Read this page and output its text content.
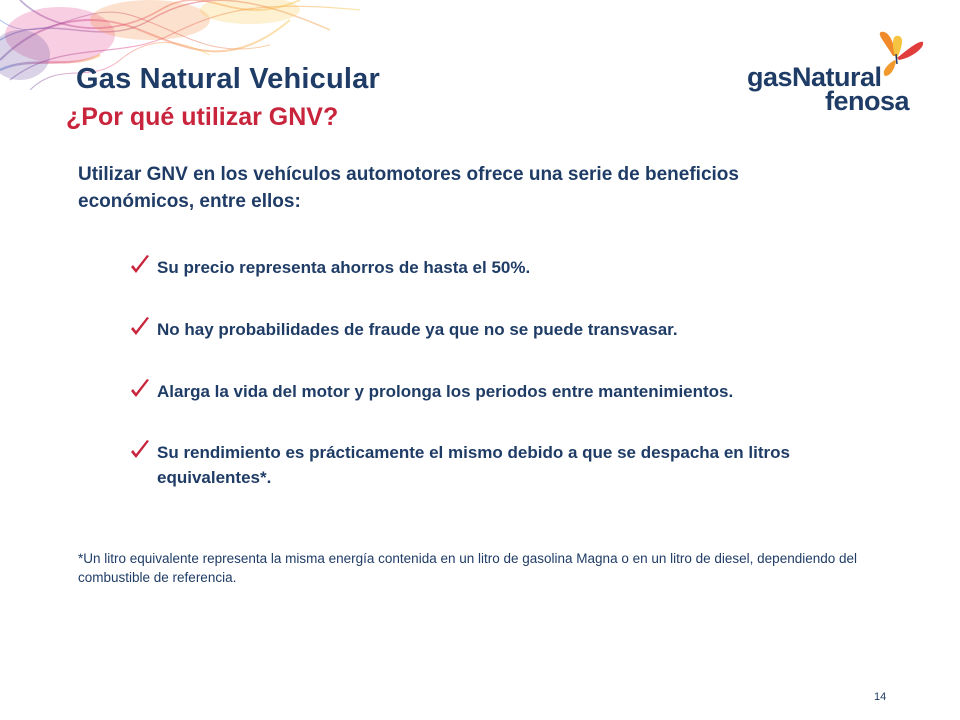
Gas Natural Vehicular
¿Por qué utilizar GNV?
gasNatural
fenosa
Utilizar GNV en los vehículos automotores ofrece una serie de beneficios económicos, entre ellos:
Su precio representa ahorros de hasta el 50%.
No hay probabilidades de fraude ya que no se puede transvasar.
Alarga la vida del motor y prolonga los periodos entre mantenimientos.
Su rendimiento es prácticamente el mismo debido a que se despacha en litros equivalentes*.
*Un litro equivalente representa la misma energía contenida en un litro de gasolina Magna o en un litro de diesel, dependiendo del combustible de referencia.
14
